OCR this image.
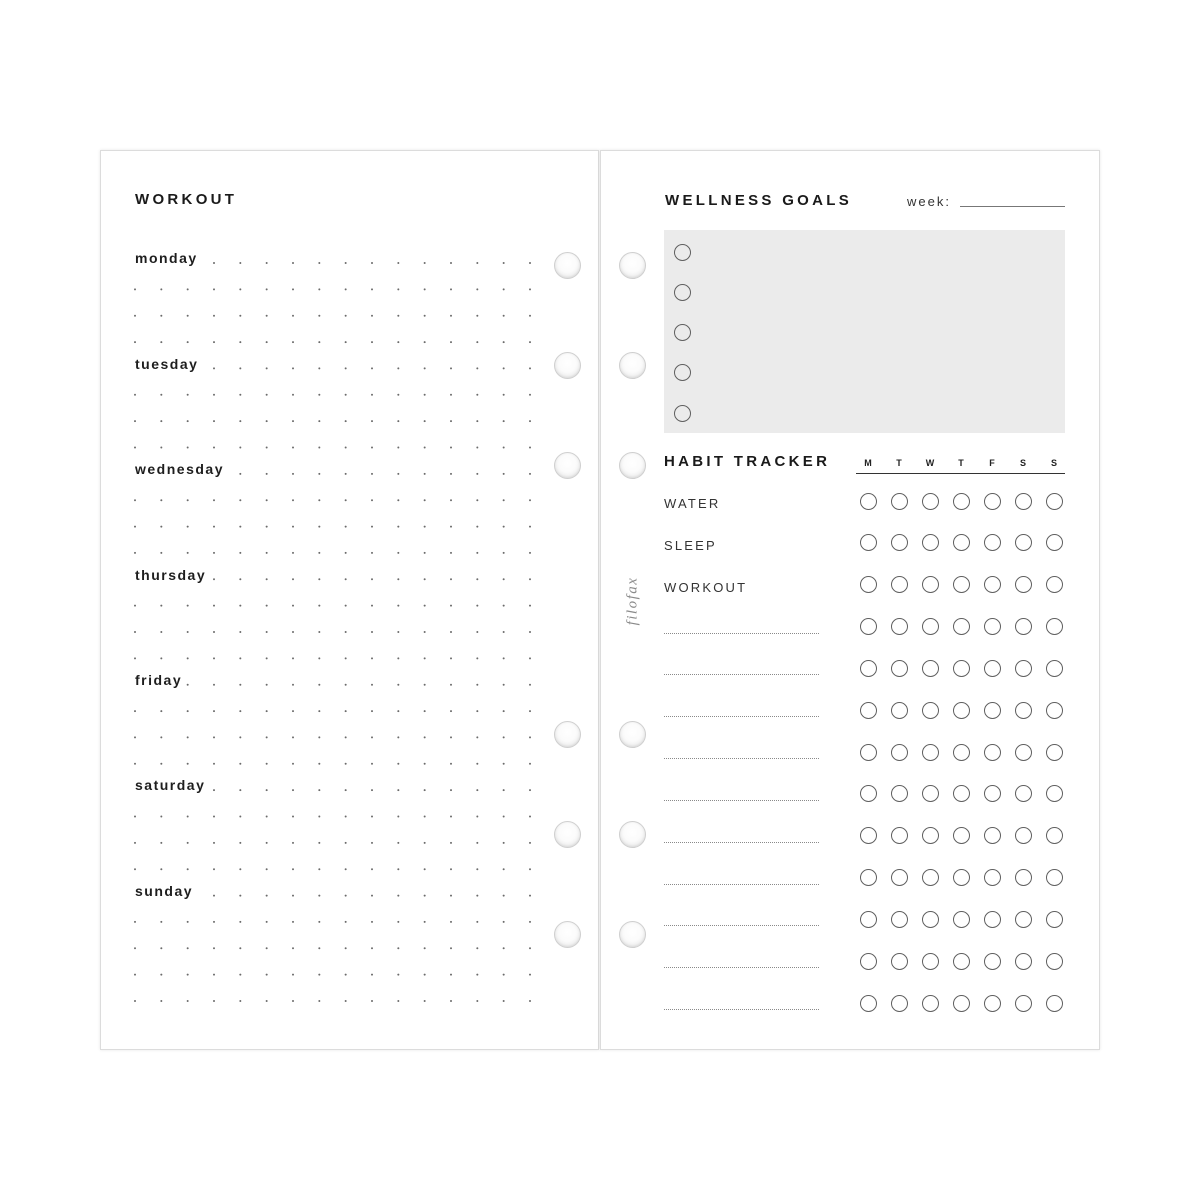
WORKOUT
monday
tuesday
wednesday
thursday
friday
saturday
sunday
WELLNESS GOALS	week:
HABIT TRACKER	M	T	W	T	F	S	S
WATER
SLEEP
WORKOUT
filofax
